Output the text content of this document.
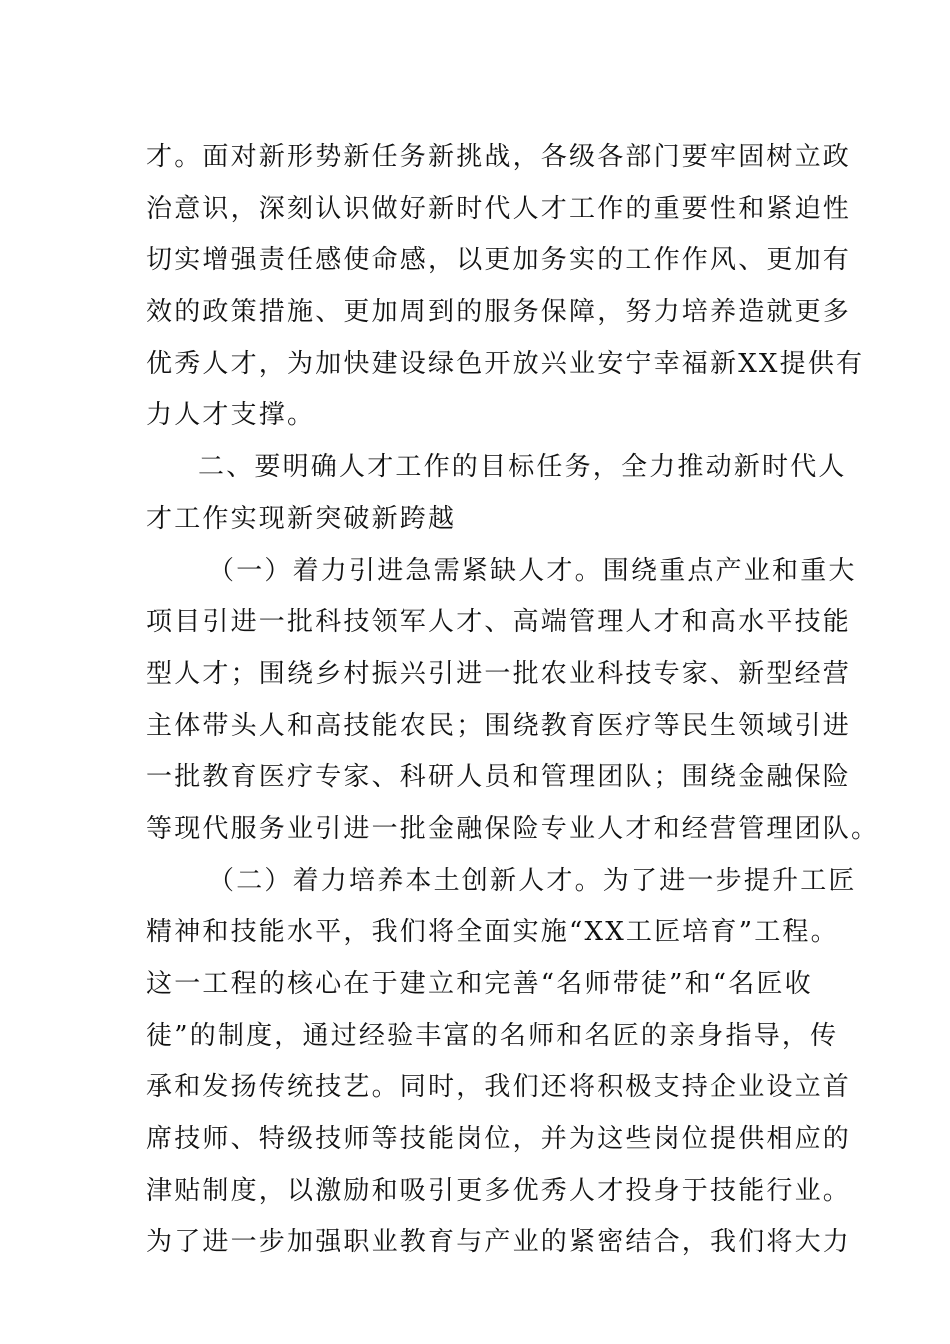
才。面对新形势新任务新挑战，各级各部门要牢固树立政
治意识，深刻认识做好新时代人才工作的重要性和紧迫性
切实增强责任感使命感，以更加务实的工作作风、更加有
效的政策措施、更加周到的服务保障，努力培养造就更多
优秀人才，为加快建设绿色开放兴业安宁幸福新XX提供有
力人才支撑。
二、要明确人才工作的目标任务，全力推动新时代人
才工作实现新突破新跨越
（一）着力引进急需紧缺人才。围绕重点产业和重大
项目引进一批科技领军人才、高端管理人才和高水平技能
型人才；围绕乡村振兴引进一批农业科技专家、新型经营
主体带头人和高技能农民；围绕教育医疗等民生领域引进
一批教育医疗专家、科研人员和管理团队；围绕金融保险
等现代服务业引进一批金融保险专业人才和经营管理团队。
（二）着力培养本土创新人才。为了进一步提升工匠
精神和技能水平，我们将全面实施“XX工匠培育”工程。
这一工程的核心在于建立和完善“名师带徒”和“名匠收
徒”的制度，通过经验丰富的名师和名匠的亲身指导，传
承和发扬传统技艺。同时，我们还将积极支持企业设立首
席技师、特级技师等技能岗位，并为这些岗位提供相应的
津贴制度，以激励和吸引更多优秀人才投身于技能行业。
为了进一步加强职业教育与产业的紧密结合，我们将大力
